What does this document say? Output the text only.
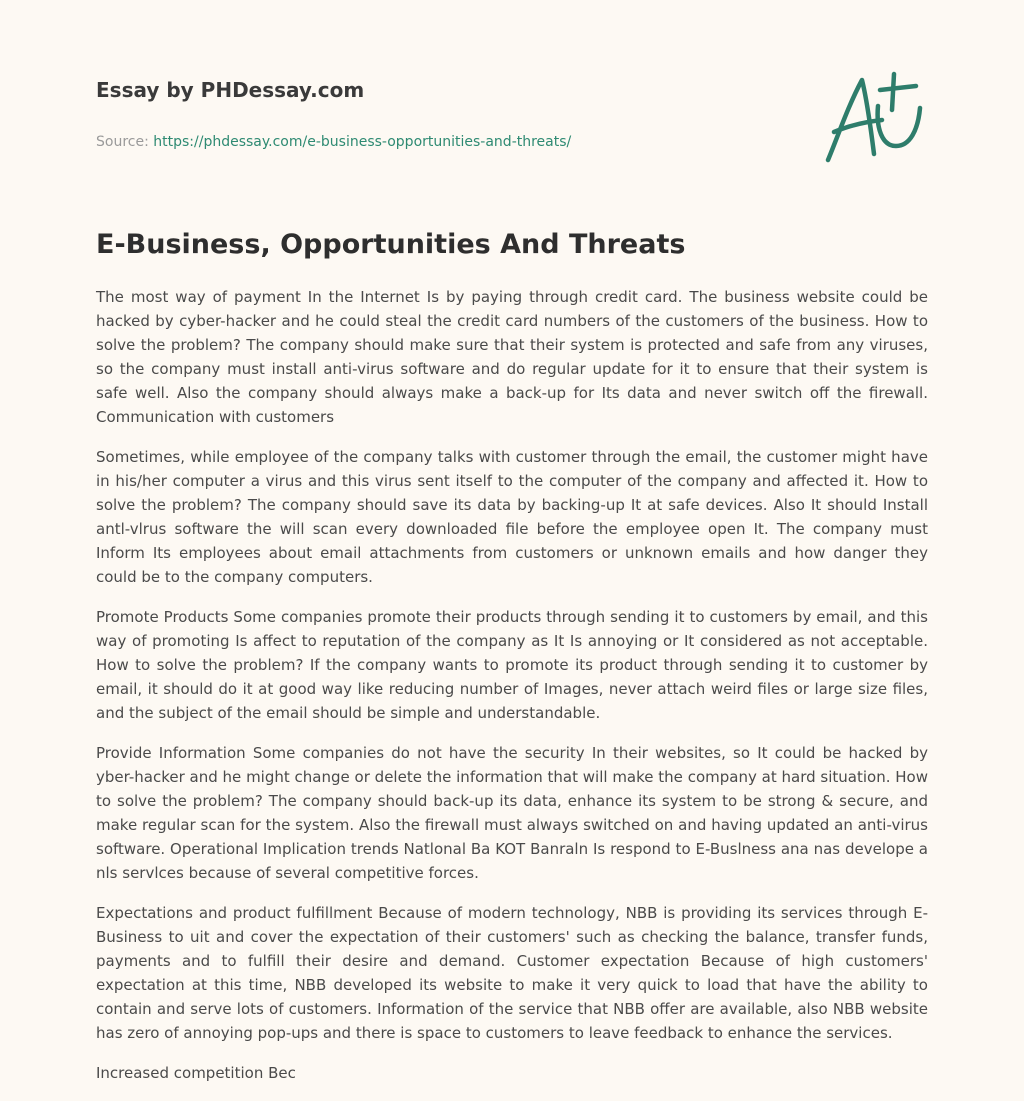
Essay by PHDessay.com

Source: https://phdessay.com/e-business-opportunities-and-threats/
E-Business, Opportunities And Threats

The most way of payment In the Internet Is by paying through credit card. The business website could be hacked by cyber-hacker and he could steal the credit card numbers of the customers of the business. How to solve the problem? The company should make sure that their system is protected and safe from any viruses, so the company must install anti-virus software and do regular update for it to ensure that their system is safe well. Also the company should always make a back-up for Its data and never switch off the firewall. Communication with customers

Sometimes, while employee of the company talks with customer through the email, the customer might have in his/her computer a virus and this virus sent itself to the computer of the company and affected it. How to solve the problem? The company should save its data by backing-up It at safe devices. Also It should Install antl-vlrus software the will scan every downloaded file before the employee open It. The company must Inform Its employees about email attachments from customers or unknown emails and how danger they could be to the company computers.

Promote Products Some companies promote their products through sending it to customers by email, and this way of promoting Is affect to reputation of the company as It Is annoying or It considered as not acceptable. How to solve the problem? If the company wants to promote its product through sending it to customer by email, it should do it at good way like reducing number of Images, never attach weird files or large size files, and the subject of the email should be simple and understandable.

Provide Information Some companies do not have the security In their websites, so It could be hacked by yber-hacker and he might change or delete the information that will make the company at hard situation. How to solve the problem? The company should back-up its data, enhance its system to be strong & secure, and make regular scan for the system. Also the firewall must always switched on and having updated an anti-virus software. Operational Implication trends Natlonal Ba KOT Banraln Is respond to E-Buslness ana nas develope a nls servlces because of several competitive forces.

Expectations and product fulfillment Because of modern technology, NBB is providing its services through E-Business to uit and cover the expectation of their customers' such as checking the balance, transfer funds, payments and to fulfill their desire and demand. Customer expectation Because of high customers' expectation at this time, NBB developed its website to make it very quick to load that have the ability to contain and serve lots of customers. Information of the service that NBB offer are available, also NBB website has zero of annoying pop-ups and there is space to customers to leave feedback to enhance the services.

Increased competition Bec
